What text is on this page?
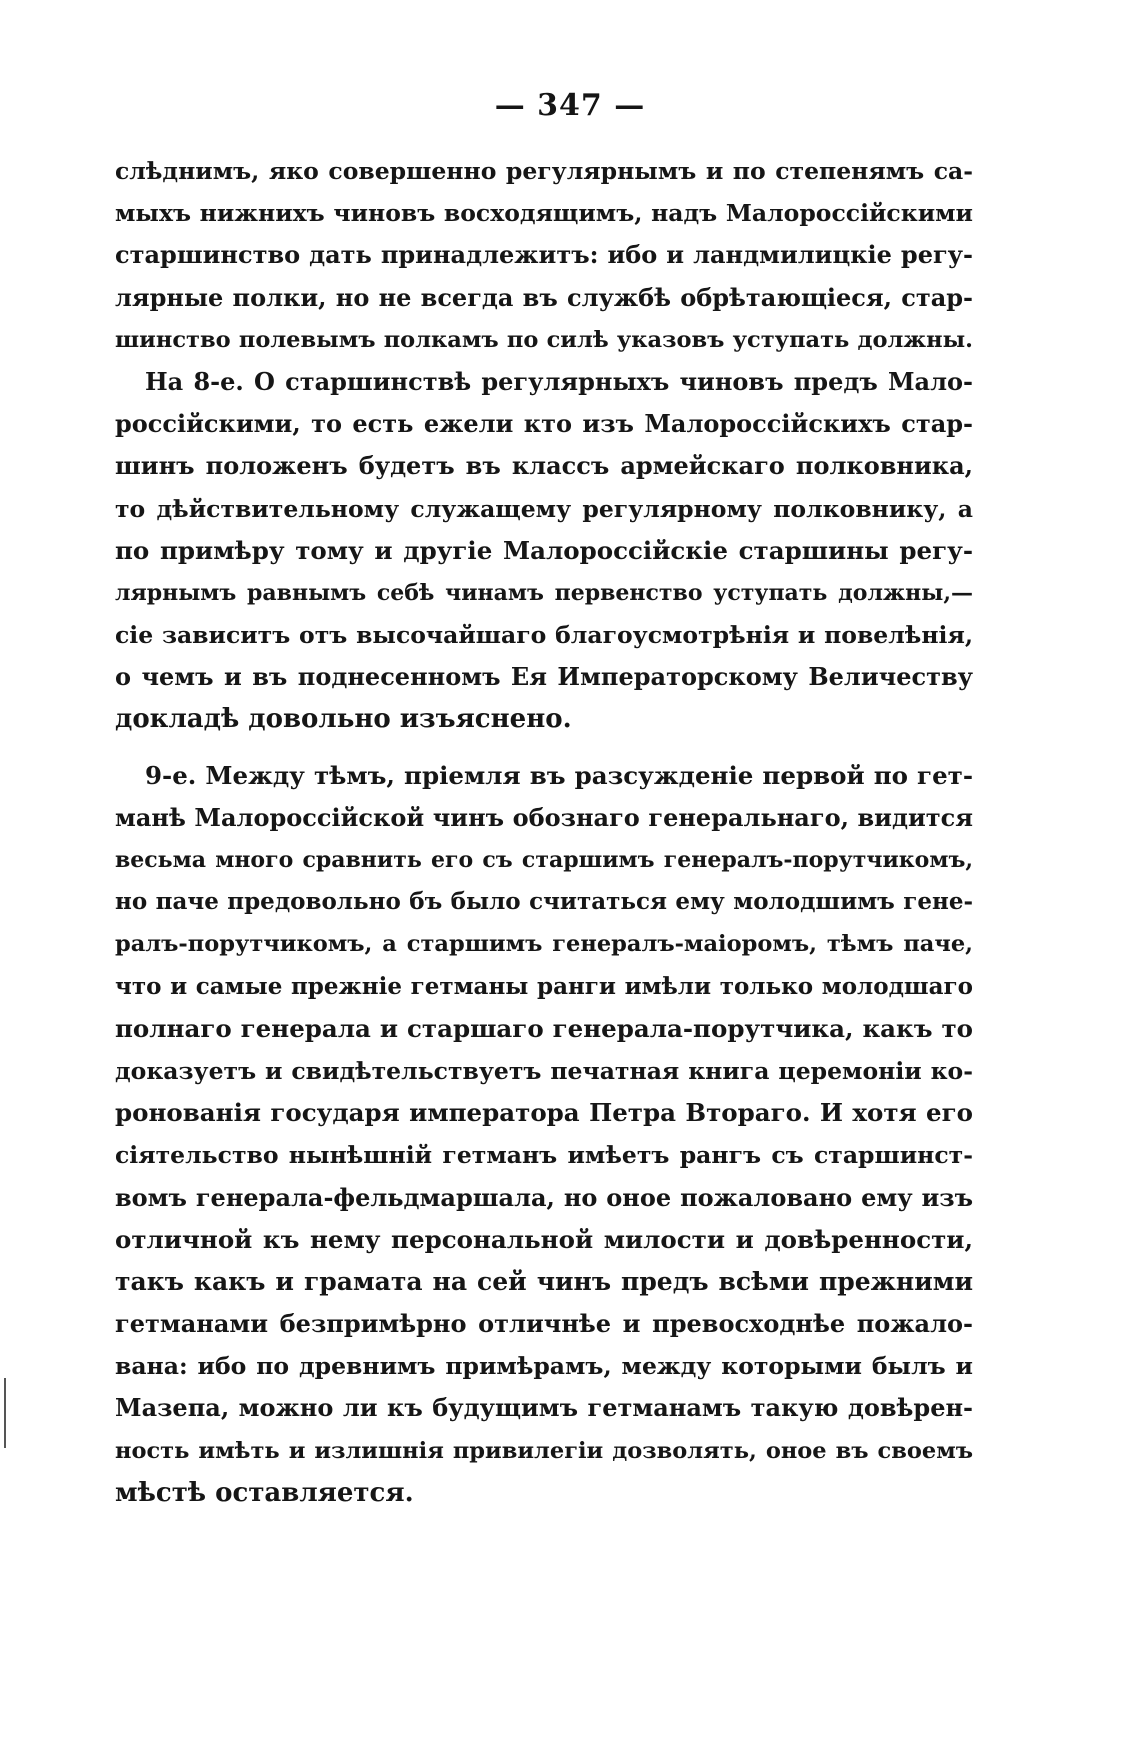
— 347 —
слѣднимъ, яко совершенно регулярнымъ и по степенямъ са-
мыхъ нижнихъ чиновъ восходящимъ, надъ Малороссійскими
старшинство дать принадлежитъ: ибо и ландмилицкіе регу-
лярные полки, но не всегда въ службѣ обрѣтающіеся, стар-
шинство полевымъ полкамъ по силѣ указовъ уступать должны.
На 8-е. О старшинствѣ регулярныхъ чиновъ предъ Мало-
россійскими, то есть ежели кто изъ Малороссійскихъ стар-
шинъ положенъ будетъ въ классъ армейскаго полковника,
то дѣйствительному служащему регулярному полковнику, а
по примѣру тому и другіе Малороссійскіе старшины регу-
лярнымъ равнымъ себѣ чинамъ первенство уступать должны,—
сіе зависитъ отъ высочайшаго благоусмотрѣнія и повелѣнія,
о чемъ и въ поднесенномъ Ея Императорскому Величеству
докладѣ довольно изъяснено.
9-е. Между тѣмъ, пріемля въ разсужденіе первой по гет-
манѣ Малороссійской чинъ обознаго генеральнаго, видится
весьма много сравнить его съ старшимъ генералъ-порутчикомъ,
но паче предовольно бъ было считаться ему молодшимъ гене-
ралъ-порутчикомъ, а старшимъ генералъ-маіоромъ, тѣмъ паче,
что и самые прежніе гетманы ранги имѣли только молодшаго
полнаго генерала и старшаго генерала-порутчика, какъ то
доказуетъ и свидѣтельствуетъ печатная книга церемоніи ко-
ронованія государя императора Петра Втораго. И хотя его
сіятельство нынѣшній гетманъ имѣетъ рангъ съ старшинст-
вомъ генерала-фельдмаршала, но оное пожаловано ему изъ
отличной къ нему персональной милости и довѣренности,
такъ какъ и грамата на сей чинъ предъ всѣми прежними
гетманами безпримѣрно отличнѣе и превосходнѣе пожало-
вана: ибо по древнимъ примѣрамъ, между которыми былъ и
Мазепа, можно ли къ будущимъ гетманамъ такую довѣрен-
ность имѣть и излишнія привилегіи дозволять, оное въ своемъ
мѣстѣ оставляется.
